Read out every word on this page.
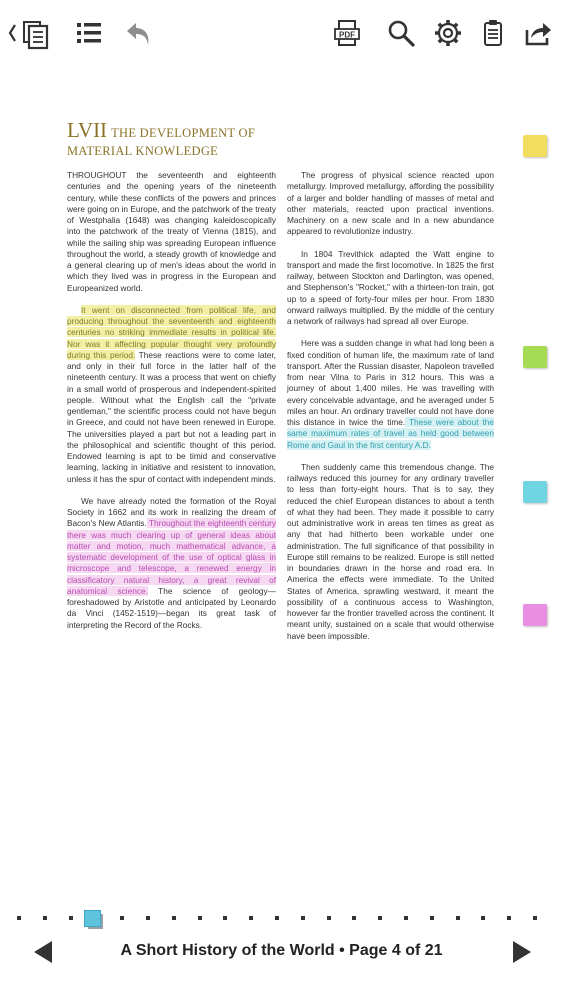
PDF
LVII THE DEVELOPMENT OF
MATERIAL KNOWLEDGE

THROUGHOUT the seventeenth and eighteenth centuries and the opening years of the nineteenth century, while these conflicts of the powers and princes were going on in Europe, and the patchwork of the treaty of Westphalia (1648) was changing kaleidoscopically into the patchwork of the treaty of Vienna (1815), and while the sailing ship was spreading European influence throughout the world, a steady growth of knowledge and a general clearing up of men's ideas about the world in which they lived was in progress in the European and Europeanized world.

It went on disconnected from political life, and producing throughout the seventeenth and eighteenth centuries no striking immediate results in political life. Nor was it affecting popular thought very profoundly during this period. These reactions were to come later, and only in their full force in the latter half of the nineteenth century. It was a process that went on chiefly in a small world of prosperous and independent-spirited people. Without what the English call the "private gentleman," the scientific process could not have begun in Greece, and could not have been renewed in Europe. The universities played a part but not a leading part in the philosophical and scientific thought of this period. Endowed learning is apt to be timid and conservative learning, lacking in initiative and resistent to innovation, unless it has the spur of contact with independent minds.

We have already noted the formation of the Royal Society in 1662 and its work in realizing the dream of Bacon's New Atlantis. Throughout the eighteenth century there was much clearing up of general ideas about matter and motion, much mathematical advance, a systematic development of the use of optical glass in microscope and telescope, a renewed energy in classificatory natural history, a great revival of anatomical science. The science of geology—foreshadowed by Aristotle and anticipated by Leonardo da Vinci (1452-1519)—began its great task of interpreting the Record of the Rocks.

The progress of physical science reacted upon metallurgy. Improved metallurgy, affording the possibility of a larger and bolder handling of masses of metal and other materials, reacted upon practical inventions. Machinery on a new scale and in a new abundance appeared to revolutionize industry.

In 1804 Trevithick adapted the Watt engine to transport and made the first locomotive. In 1825 the first railway, between Stockton and Darlington, was opened, and Stephenson's "Rocket," with a thirteen-ton train, got up to a speed of forty-four miles per hour. From 1830 onward railways multiplied. By the middle of the century a network of railways had spread all over Europe.

Here was a sudden change in what had long been a fixed condition of human life, the maximum rate of land transport. After the Russian disaster, Napoleon travelled from near Vilna to Paris in 312 hours. This was a journey of about 1,400 miles. He was travelling with every conceivable advantage, and he averaged under 5 miles an hour. An ordinary traveller could not have done this distance in twice the time. These were about the same maximum rates of travel as held good between Rome and Gaul in the first century A.D.

Then suddenly came this tremendous change. The railways reduced this journey for any ordinary traveller to less than forty-eight hours. That is to say, they reduced the chief European distances to about a tenth of what they had been. They made it possible to carry out administrative work in areas ten times as great as any that had hitherto been workable under one administration. The full significance of that possibility in Europe still remains to be realized. Europe is still netted in boundaries drawn in the horse and road era. In America the effects were immediate. To the United States of America, sprawling westward, it meant the possibility of a continuous access to Washington, however far the frontier travelled across the continent. It meant unity, sustained on a scale that would otherwise have been impossible.

A Short History of the World • Page 4 of 21
